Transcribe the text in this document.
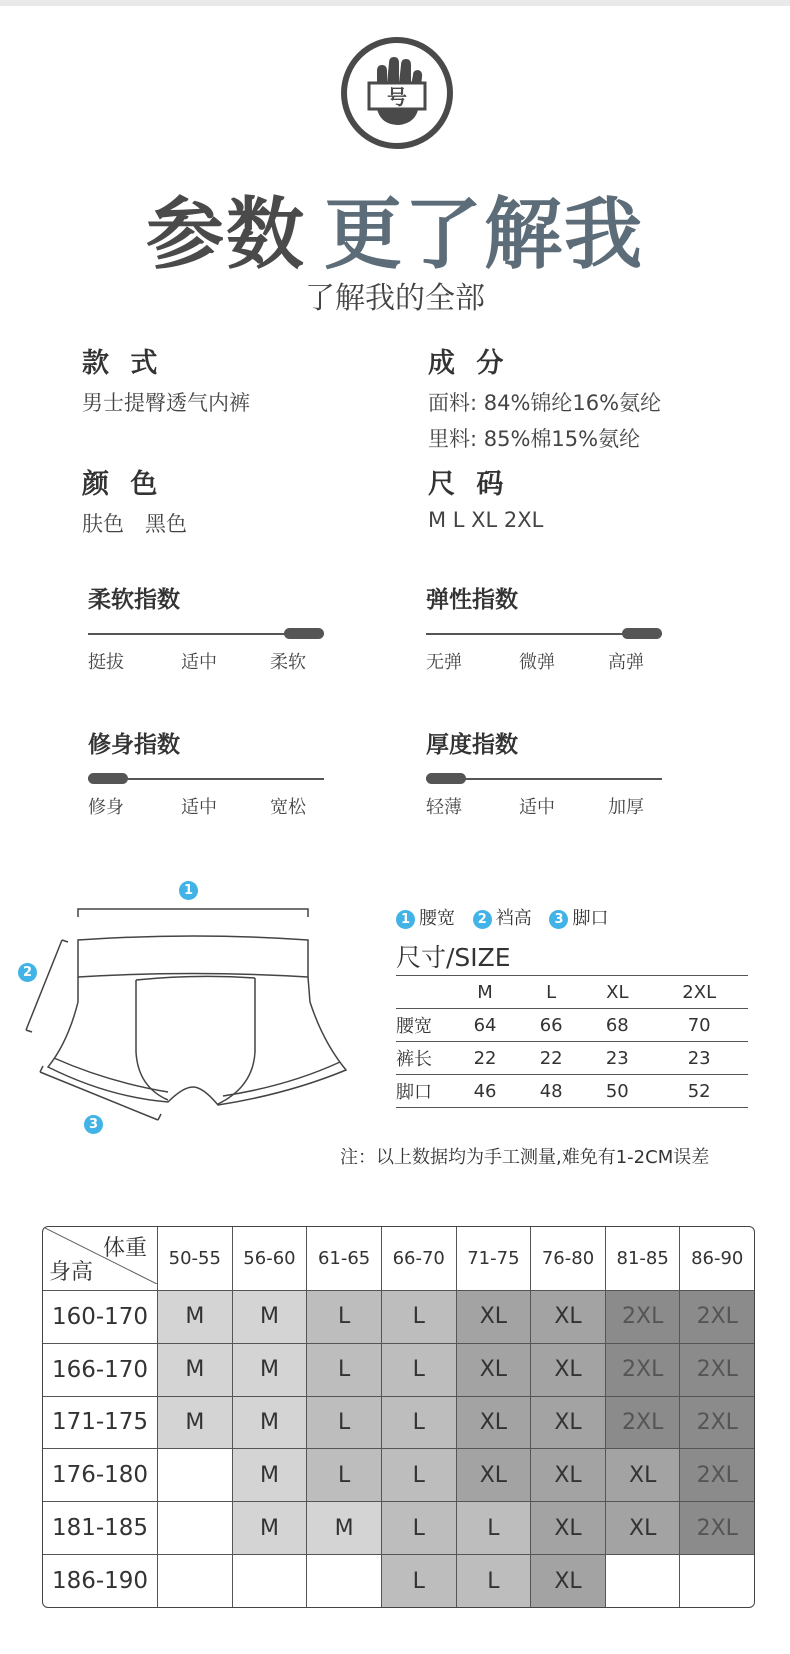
号
参数 更了解我
了解我的全部
款 式
男士提臀透气内裤
颜 色
肤色　黑色
成 分
面料: 84%锦纶16%氨纶
里料: 85%棉15%氨纶
尺 码
M L XL 2XL
柔软指数
挺拔	适中	柔软
弹性指数
无弹	微弹	高弹
修身指数
修身	适中	宽松
厚度指数
轻薄	适中	加厚
1
2
3
1 腰宽 2 裆高 3 脚口
尺寸/SIZE
	M	L	XL	2XL
腰宽	64	66	68	70
裤长	22	22	23	23
脚口	46	48	50	52
注：以上数据均为手工测量,难免有1-2CM误差
体重
身高	50-55	56-60	61-65	66-70	71-75	76-80	81-85	86-90
160-170	M	M	L	L	XL	XL	2XL	2XL
166-170	M	M	L	L	XL	XL	2XL	2XL
171-175	M	M	L	L	XL	XL	2XL	2XL
176-180		M	L	L	XL	XL	XL	2XL
181-185		M	M	L	L	XL	XL	2XL
186-190				L	L	XL		
